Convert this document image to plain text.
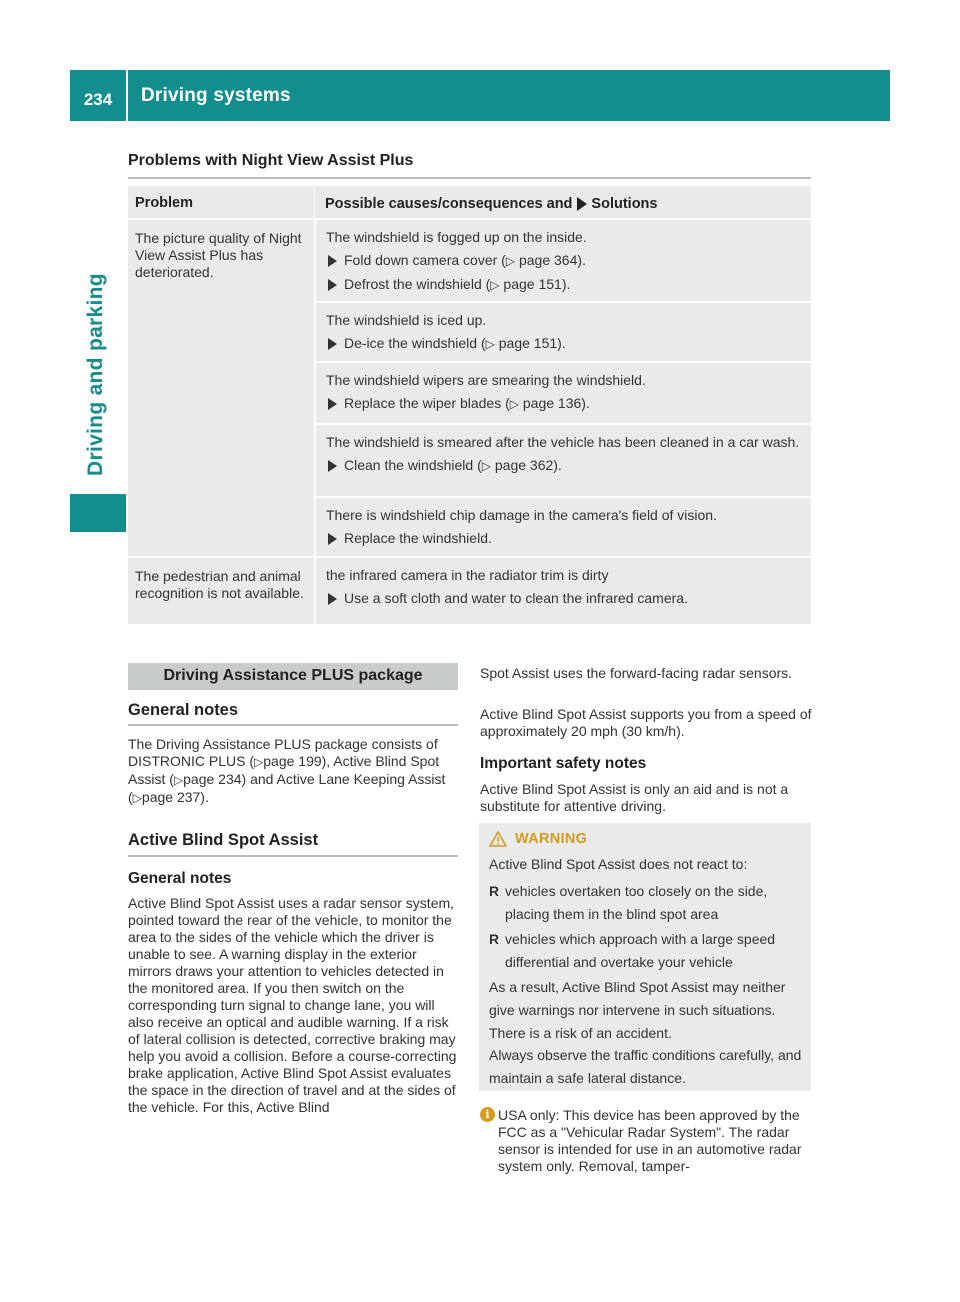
234	Driving systems
Driving and parking
Problems with Night View Assist Plus
Problem	Possible causes/consequences and Solutions
The picture quality of Night View Assist Plus has deteriorated.

The windshield is fogged up on the inside.

Fold down camera cover (▷ page 364).
Defrost the windshield (▷ page 151).

The windshield is iced up.

De-ice the windshield (▷ page 151).

The windshield wipers are smearing the windshield.

Replace the wiper blades (▷ page 136).

The windshield is smeared after the vehicle has been cleaned in a car wash.

Clean the windshield (▷ page 362).

There is windshield chip damage in the camera's field of vision.

Replace the windshield.
The pedestrian and animal recognition is not available.

the infrared camera in the radiator trim is dirty

Use a soft cloth and water to clean the infrared camera.
Driving Assistance PLUS package
General notes
The Driving Assistance PLUS package consists of DISTRONIC PLUS (▷page 199), Active Blind Spot Assist (▷page 234) and Active Lane Keeping Assist (▷page 237).
Active Blind Spot Assist
General notes
Active Blind Spot Assist uses a radar sensor system, pointed toward the rear of the vehicle, to monitor the area to the sides of the vehicle which the driver is unable to see. A warning display in the exterior mirrors draws your attention to vehicles detected in the monitored area. If you then switch on the corresponding turn signal to change lane, you will also receive an optical and audible warning. If a risk of lateral collision is detected, corrective braking may help you avoid a collision. Before a course-correcting brake application, Active Blind Spot Assist evaluates the space in the direction of travel and at the sides of the vehicle. For this, Active Blind
Spot Assist uses the forward-facing radar sensors.
Active Blind Spot Assist supports you from a speed of approximately 20 mph (30 km/h).
Important safety notes
Active Blind Spot Assist is only an aid and is not a substitute for attentive driving.
WARNING
Active Blind Spot Assist does not react to:
R vehicles overtaken too closely on the side, placing them in the blind spot area
R vehicles which approach with a large speed differential and overtake your vehicle
As a result, Active Blind Spot Assist may neither give warnings nor intervene in such situations. There is a risk of an accident.
Always observe the traffic conditions carefully, and maintain a safe lateral distance.
i USA only: This device has been approved by the FCC as a "Vehicular Radar System". The radar sensor is intended for use in an automotive radar system only. Removal, tamper-
